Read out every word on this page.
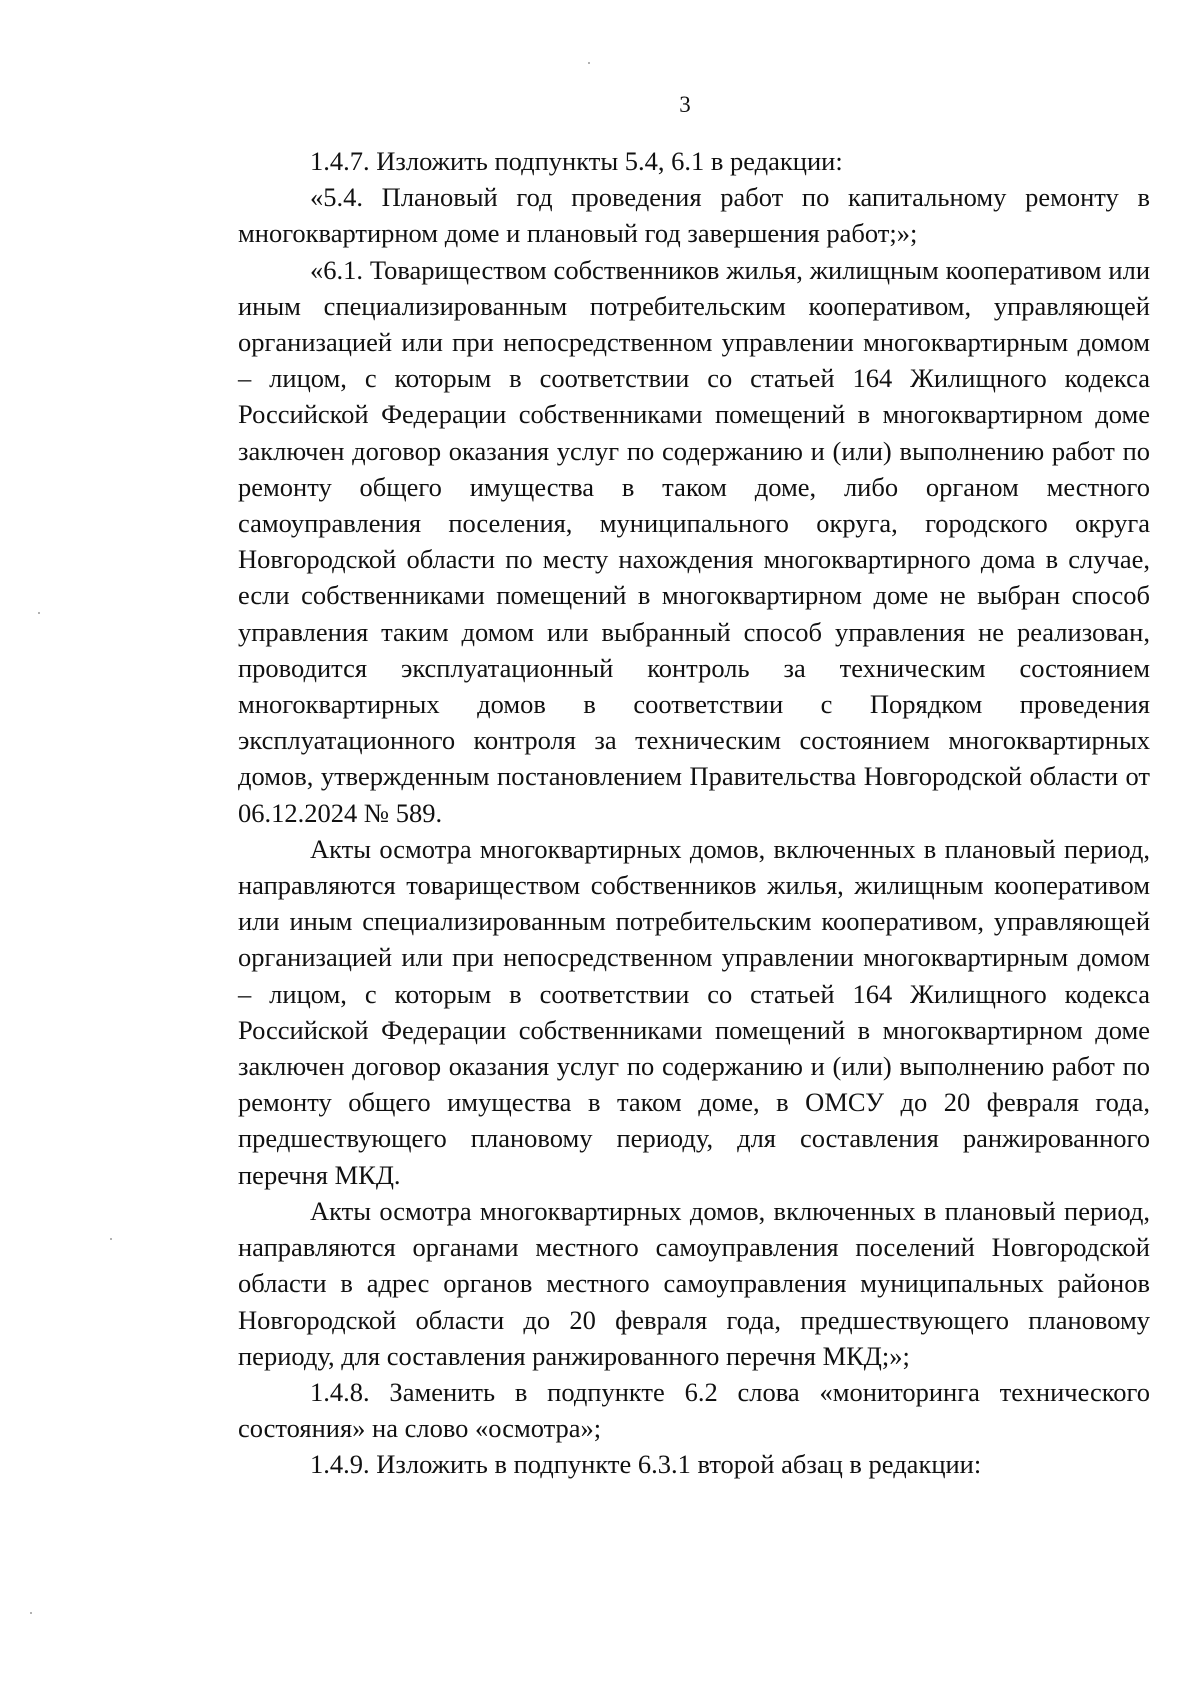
3

1.4.7. Изложить подпункты 5.4, 6.1 в редакции:

«5.4. Плановый год проведения работ по капитальному ремонту в многоквартирном доме и плановый год завершения работ;»;

«6.1. Товариществом собственников жилья, жилищным кооперативом или иным специализированным потребительским кооперативом, управляющей организацией или при непосредственном управлении многоквартирным домом – лицом, с которым в соответствии со статьей 164 Жилищного кодекса Российской Федерации собственниками помещений в многоквартирном доме заключен договор оказания услуг по содержанию и (или) выполнению работ по ремонту общего имущества в таком доме, либо органом местного самоуправления поселения, муниципального округа, городского округа Новгородской области по месту нахождения многоквартирного дома в случае, если собственниками помещений в многоквартирном доме не выбран способ управления таким домом или выбранный способ управления не реализован, проводится эксплуатационный контроль за техническим состоянием многоквартирных домов в соответствии с Порядком проведения эксплуатационного контроля за техническим состоянием многоквартирных домов, утвержденным постановлением Правительства Новгородской области от 06.12.2024 № 589.

Акты осмотра многоквартирных домов, включенных в плановый период, направляются товариществом собственников жилья, жилищным кооперативом или иным специализированным потребительским кооперативом, управляющей организацией или при непосредственном управлении многоквартирным домом – лицом, с которым в соответствии со статьей 164 Жилищного кодекса Российской Федерации собственниками помещений в многоквартирном доме заключен договор оказания услуг по содержанию и (или) выполнению работ по ремонту общего имущества в таком доме, в ОМСУ до 20 февраля года, предшествующего плановому периоду, для составления ранжированного перечня МКД.

Акты осмотра многоквартирных домов, включенных в плановый период, направляются органами местного самоуправления поселений Новгородской области в адрес органов местного самоуправления муниципальных районов Новгородской области до 20 февраля года, предшествующего плановому периоду, для составления ранжированного перечня МКД;»;

1.4.8. Заменить в подпункте 6.2 слова «мониторинга технического состояния» на слово «осмотра»;

1.4.9. Изложить в подпункте 6.3.1 второй абзац в редакции:
